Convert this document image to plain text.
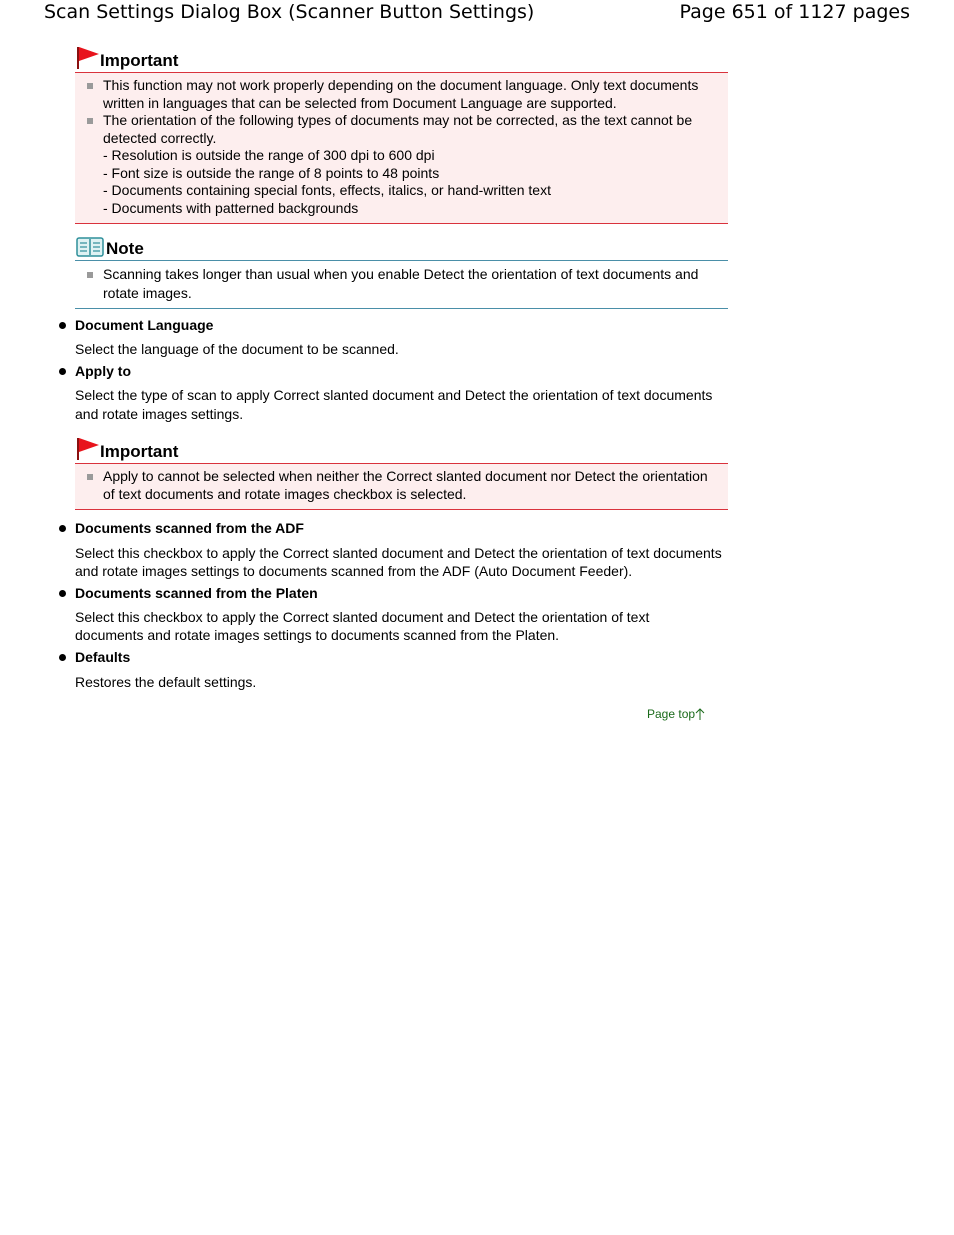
Scan Settings Dialog Box (Scanner Button Settings)	Page 651 of 1127 pages
Important
This function may not work properly depending on the document language. Only text documents written in languages that can be selected from Document Language are supported.
The orientation of the following types of documents may not be corrected, as the text cannot be detected correctly.
- Resolution is outside the range of 300 dpi to 600 dpi
- Font size is outside the range of 8 points to 48 points
- Documents containing special fonts, effects, italics, or hand-written text
- Documents with patterned backgrounds
Note
Scanning takes longer than usual when you enable Detect the orientation of text documents and rotate images.
Document Language
Select the language of the document to be scanned.
Apply to
Select the type of scan to apply Correct slanted document and Detect the orientation of text documents and rotate images settings.
Important
Apply to cannot be selected when neither the Correct slanted document nor Detect the orientation of text documents and rotate images checkbox is selected.
Documents scanned from the ADF
Select this checkbox to apply the Correct slanted document and Detect the orientation of text documents and rotate images settings to documents scanned from the ADF (Auto Document Feeder).
Documents scanned from the Platen
Select this checkbox to apply the Correct slanted document and Detect the orientation of text documents and rotate images settings to documents scanned from the Platen.
Defaults
Restores the default settings.
Page top
